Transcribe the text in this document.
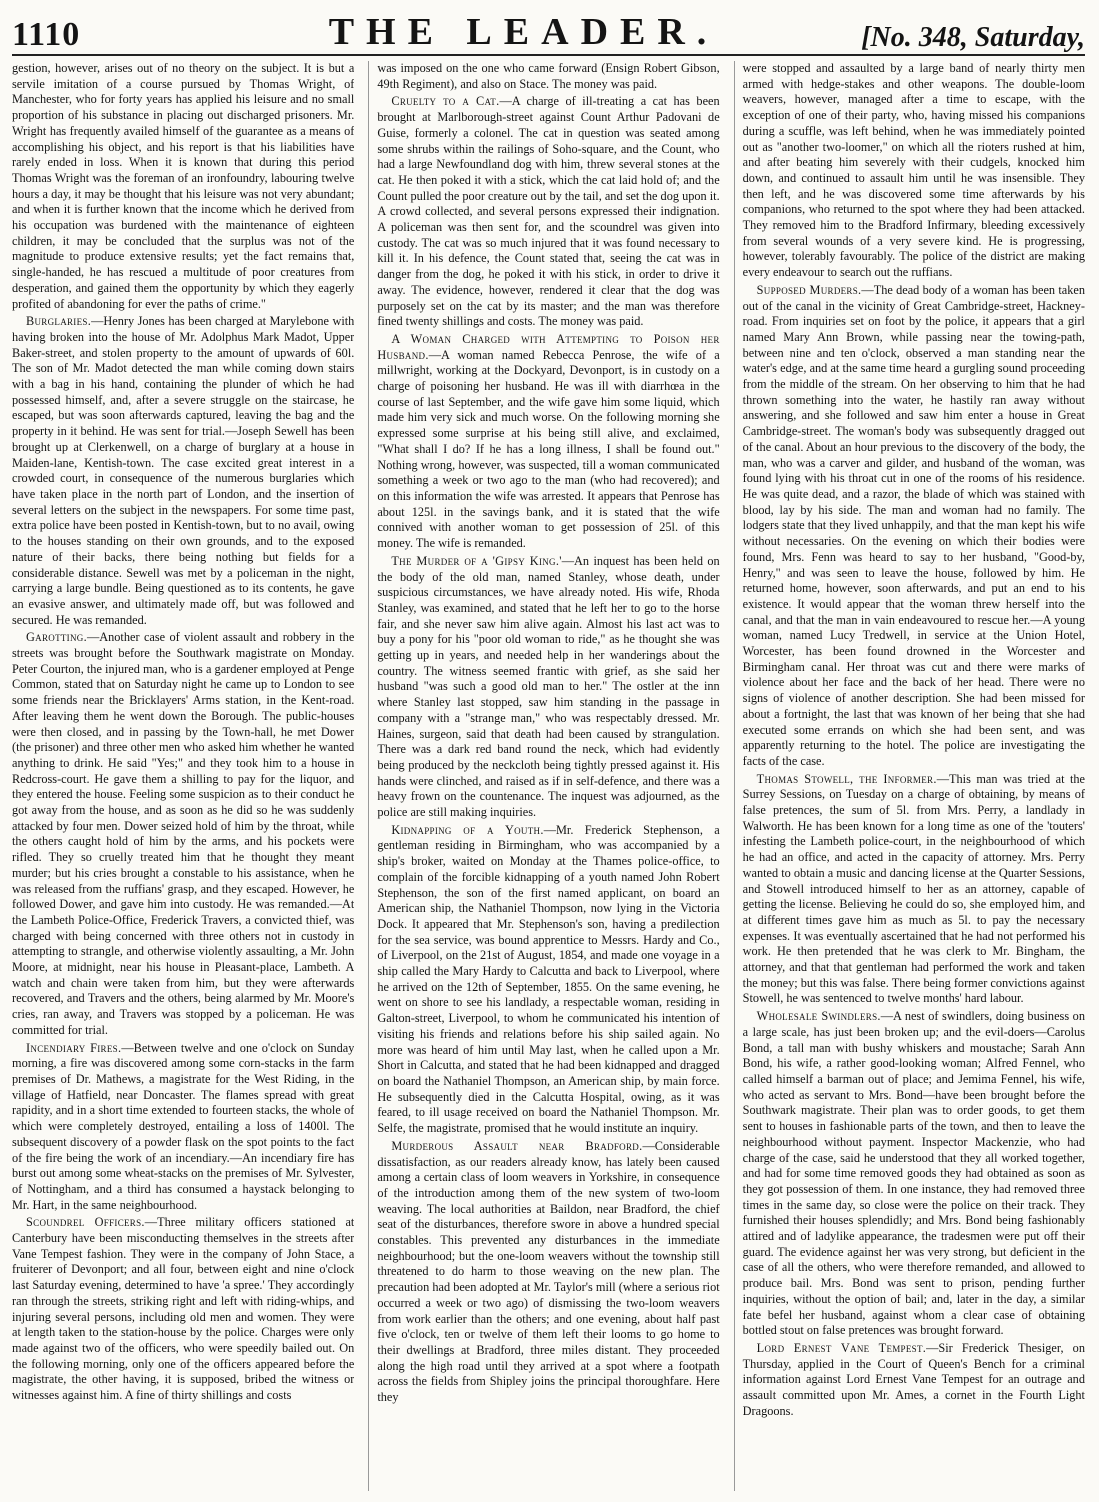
1110	THE LEADER.	[No. 348, Saturday,

gestion, however, arises out of no theory on the subject. It is but a servile imitation of a course pursued by Thomas Wright, of Manchester, who for forty years has applied his leisure and no small proportion of his substance in placing out discharged prisoners. Mr. Wright has frequently availed himself of the guarantee as a means of accomplishing his object, and his report is that his liabilities have rarely ended in loss. When it is known that during this period Thomas Wright was the foreman of an ironfoundry, labouring twelve hours a day, it may be thought that his leisure was not very abundant; and when it is further known that the income which he derived from his occupation was burdened with the maintenance of eighteen children, it may be concluded that the surplus was not of the magnitude to produce extensive results; yet the fact remains that, single-handed, he has rescued a multitude of poor creatures from desperation, and gained them the opportunity by which they eagerly profited of abandoning for ever the paths of crime."

Burglaries.—Henry Jones has been charged at Marylebone with having broken into the house of Mr. Adolphus Mark Madot, Upper Baker-street, and stolen property to the amount of upwards of 60l. The son of Mr. Madot detected the man while coming down stairs with a bag in his hand, containing the plunder of which he had possessed himself, and, after a severe struggle on the staircase, he escaped, but was soon afterwards captured, leaving the bag and the property in it behind. He was sent for trial.—Joseph Sewell has been brought up at Clerkenwell, on a charge of burglary at a house in Maiden-lane, Kentish-town. The case excited great interest in a crowded court, in consequence of the numerous burglaries which have taken place in the north part of London, and the insertion of several letters on the subject in the newspapers. For some time past, extra police have been posted in Kentish-town, but to no avail, owing to the houses standing on their own grounds, and to the exposed nature of their backs, there being nothing but fields for a considerable distance. Sewell was met by a policeman in the night, carrying a large bundle. Being questioned as to its contents, he gave an evasive answer, and ultimately made off, but was followed and secured. He was remanded.

Garotting.—Another case of violent assault and robbery in the streets was brought before the Southwark magistrate on Monday. Peter Courton, the injured man, who is a gardener employed at Penge Common, stated that on Saturday night he came up to London to see some friends near the Bricklayers' Arms station, in the Kent-road. After leaving them he went down the Borough. The public-houses were then closed, and in passing by the Town-hall, he met Dower (the prisoner) and three other men who asked him whether he wanted anything to drink. He said "Yes;" and they took him to a house in Redcross-court. He gave them a shilling to pay for the liquor, and they entered the house. Feeling some suspicion as to their conduct he got away from the house, and as soon as he did so he was suddenly attacked by four men. Dower seized hold of him by the throat, while the others caught hold of him by the arms, and his pockets were rifled. They so cruelly treated him that he thought they meant murder; but his cries brought a constable to his assistance, when he was released from the ruffians' grasp, and they escaped. However, he followed Dower, and gave him into custody. He was remanded.—At the Lambeth Police-Office, Frederick Travers, a convicted thief, was charged with being concerned with three others not in custody in attempting to strangle, and otherwise violently assaulting, a Mr. John Moore, at midnight, near his house in Pleasant-place, Lambeth. A watch and chain were taken from him, but they were afterwards recovered, and Travers and the others, being alarmed by Mr. Moore's cries, ran away, and Travers was stopped by a policeman. He was committed for trial.

Incendiary Fires.—Between twelve and one o'clock on Sunday morning, a fire was discovered among some corn-stacks in the farm premises of Dr. Mathews, a magistrate for the West Riding, in the village of Hatfield, near Doncaster. The flames spread with great rapidity, and in a short time extended to fourteen stacks, the whole of which were completely destroyed, entailing a loss of 1400l. The subsequent discovery of a powder flask on the spot points to the fact of the fire being the work of an incendiary.—An incendiary fire has burst out among some wheat-stacks on the premises of Mr. Sylvester, of Nottingham, and a third has consumed a haystack belonging to Mr. Hart, in the same neighbourhood.

Scoundrel Officers.—Three military officers stationed at Canterbury have been misconducting themselves in the streets after Vane Tempest fashion. They were in the company of John Stace, a fruiterer of Devonport; and all four, between eight and nine o'clock last Saturday evening, determined to have 'a spree.' They accordingly ran through the streets, striking right and left with riding-whips, and injuring several persons, including old men and women. They were at length taken to the station-house by the police. Charges were only made against two of the officers, who were speedily bailed out. On the following morning, only one of the officers appeared before the magistrate, the other having, it is supposed, bribed the witness or witnesses against him. A fine of thirty shillings and costs

was imposed on the one who came forward (Ensign Robert Gibson, 49th Regiment), and also on Stace. The money was paid.

Cruelty to a Cat.—A charge of ill-treating a cat has been brought at Marlborough-street against Count Arthur Padovani de Guise, formerly a colonel. The cat in question was seated among some shrubs within the railings of Soho-square, and the Count, who had a large Newfoundland dog with him, threw several stones at the cat. He then poked it with a stick, which the cat laid hold of; and the Count pulled the poor creature out by the tail, and set the dog upon it. A crowd collected, and several persons expressed their indignation. A policeman was then sent for, and the scoundrel was given into custody. The cat was so much injured that it was found necessary to kill it. In his defence, the Count stated that, seeing the cat was in danger from the dog, he poked it with his stick, in order to drive it away. The evidence, however, rendered it clear that the dog was purposely set on the cat by its master; and the man was therefore fined twenty shillings and costs. The money was paid.

A Woman Charged with Attempting to Poison her Husband.—A woman named Rebecca Penrose, the wife of a millwright, working at the Dockyard, Devonport, is in custody on a charge of poisoning her husband. He was ill with diarrhœa in the course of last September, and the wife gave him some liquid, which made him very sick and much worse. On the following morning she expressed some surprise at his being still alive, and exclaimed, "What shall I do? If he has a long illness, I shall be found out." Nothing wrong, however, was suspected, till a woman communicated something a week or two ago to the man (who had recovered); and on this information the wife was arrested. It appears that Penrose has about 125l. in the savings bank, and it is stated that the wife connived with another woman to get possession of 25l. of this money. The wife is remanded.

The Murder of a 'Gipsy King.'—An inquest has been held on the body of the old man, named Stanley, whose death, under suspicious circumstances, we have already noted. His wife, Rhoda Stanley, was examined, and stated that he left her to go to the horse fair, and she never saw him alive again. Almost his last act was to buy a pony for his "poor old woman to ride," as he thought she was getting up in years, and needed help in her wanderings about the country. The witness seemed frantic with grief, as she said her husband "was such a good old man to her." The ostler at the inn where Stanley last stopped, saw him standing in the passage in company with a "strange man," who was respectably dressed. Mr. Haines, surgeon, said that death had been caused by strangulation. There was a dark red band round the neck, which had evidently being produced by the neckcloth being tightly pressed against it. His hands were clinched, and raised as if in self-defence, and there was a heavy frown on the countenance. The inquest was adjourned, as the police are still making inquiries.

Kidnapping of a Youth.—Mr. Frederick Stephenson, a gentleman residing in Birmingham, who was accompanied by a ship's broker, waited on Monday at the Thames police-office, to complain of the forcible kidnapping of a youth named John Robert Stephenson, the son of the first named applicant, on board an American ship, the Nathaniel Thompson, now lying in the Victoria Dock. It appeared that Mr. Stephenson's son, having a predilection for the sea service, was bound apprentice to Messrs. Hardy and Co., of Liverpool, on the 21st of August, 1854, and made one voyage in a ship called the Mary Hardy to Calcutta and back to Liverpool, where he arrived on the 12th of September, 1855. On the same evening, he went on shore to see his landlady, a respectable woman, residing in Galton-street, Liverpool, to whom he communicated his intention of visiting his friends and relations before his ship sailed again. No more was heard of him until May last, when he called upon a Mr. Short in Calcutta, and stated that he had been kidnapped and dragged on board the Nathaniel Thompson, an American ship, by main force. He subsequently died in the Calcutta Hospital, owing, as it was feared, to ill usage received on board the Nathaniel Thompson. Mr. Selfe, the magistrate, promised that he would institute an inquiry.

Murderous Assault near Bradford.—Considerable dissatisfaction, as our readers already know, has lately been caused among a certain class of loom weavers in Yorkshire, in consequence of the introduction among them of the new system of two-loom weaving. The local authorities at Baildon, near Bradford, the chief seat of the disturbances, therefore swore in above a hundred special constables. This prevented any disturbances in the immediate neighbourhood; but the one-loom weavers without the township still threatened to do harm to those weaving on the new plan. The precaution had been adopted at Mr. Taylor's mill (where a serious riot occurred a week or two ago) of dismissing the two-loom weavers from work earlier than the others; and one evening, about half past five o'clock, ten or twelve of them left their looms to go home to their dwellings at Bradford, three miles distant. They proceeded along the high road until they arrived at a spot where a footpath across the fields from Shipley joins the principal thoroughfare. Here they

were stopped and assaulted by a large band of nearly thirty men armed with hedge-stakes and other weapons. The double-loom weavers, however, managed after a time to escape, with the exception of one of their party, who, having missed his companions during a scuffle, was left behind, when he was immediately pointed out as "another two-loomer," on which all the rioters rushed at him, and after beating him severely with their cudgels, knocked him down, and continued to assault him until he was insensible. They then left, and he was discovered some time afterwards by his companions, who returned to the spot where they had been attacked. They removed him to the Bradford Infirmary, bleeding excessively from several wounds of a very severe kind. He is progressing, however, tolerably favourably. The police of the district are making every endeavour to search out the ruffians.

Supposed Murders.—The dead body of a woman has been taken out of the canal in the vicinity of Great Cambridge-street, Hackney-road. From inquiries set on foot by the police, it appears that a girl named Mary Ann Brown, while passing near the towing-path, between nine and ten o'clock, observed a man standing near the water's edge, and at the same time heard a gurgling sound proceeding from the middle of the stream. On her observing to him that he had thrown something into the water, he hastily ran away without answering, and she followed and saw him enter a house in Great Cambridge-street. The woman's body was subsequently dragged out of the canal. About an hour previous to the discovery of the body, the man, who was a carver and gilder, and husband of the woman, was found lying with his throat cut in one of the rooms of his residence. He was quite dead, and a razor, the blade of which was stained with blood, lay by his side. The man and woman had no family. The lodgers state that they lived unhappily, and that the man kept his wife without necessaries. On the evening on which their bodies were found, Mrs. Fenn was heard to say to her husband, "Good-by, Henry," and was seen to leave the house, followed by him. He returned home, however, soon afterwards, and put an end to his existence. It would appear that the woman threw herself into the canal, and that the man in vain endeavoured to rescue her.—A young woman, named Lucy Tredwell, in service at the Union Hotel, Worcester, has been found drowned in the Worcester and Birmingham canal. Her throat was cut and there were marks of violence about her face and the back of her head. There were no signs of violence of another description. She had been missed for about a fortnight, the last that was known of her being that she had executed some errands on which she had been sent, and was apparently returning to the hotel. The police are investigating the facts of the case.

Thomas Stowell, the Informer.—This man was tried at the Surrey Sessions, on Tuesday on a charge of obtaining, by means of false pretences, the sum of 5l. from Mrs. Perry, a landlady in Walworth. He has been known for a long time as one of the 'touters' infesting the Lambeth police-court, in the neighbourhood of which he had an office, and acted in the capacity of attorney. Mrs. Perry wanted to obtain a music and dancing license at the Quarter Sessions, and Stowell introduced himself to her as an attorney, capable of getting the license. Believing he could do so, she employed him, and at different times gave him as much as 5l. to pay the necessary expenses. It was eventually ascertained that he had not performed his work. He then pretended that he was clerk to Mr. Bingham, the attorney, and that that gentleman had performed the work and taken the money; but this was false. There being former convictions against Stowell, he was sentenced to twelve months' hard labour.

Wholesale Swindlers.—A nest of swindlers, doing business on a large scale, has just been broken up; and the evil-doers—Carolus Bond, a tall man with bushy whiskers and moustache; Sarah Ann Bond, his wife, a rather good-looking woman; Alfred Fennel, who called himself a barman out of place; and Jemima Fennel, his wife, who acted as servant to Mrs. Bond—have been brought before the Southwark magistrate. Their plan was to order goods, to get them sent to houses in fashionable parts of the town, and then to leave the neighbourhood without payment. Inspector Mackenzie, who had charge of the case, said he understood that they all worked together, and had for some time removed goods they had obtained as soon as they got possession of them. In one instance, they had removed three times in the same day, so close were the police on their track. They furnished their houses splendidly; and Mrs. Bond being fashionably attired and of ladylike appearance, the tradesmen were put off their guard. The evidence against her was very strong, but deficient in the case of all the others, who were therefore remanded, and allowed to produce bail. Mrs. Bond was sent to prison, pending further inquiries, without the option of bail; and, later in the day, a similar fate befel her husband, against whom a clear case of obtaining bottled stout on false pretences was brought forward.

Lord Ernest Vane Tempest.—Sir Frederick Thesiger, on Thursday, applied in the Court of Queen's Bench for a criminal information against Lord Ernest Vane Tempest for an outrage and assault committed upon Mr. Ames, a cornet in the Fourth Light Dragoons.
